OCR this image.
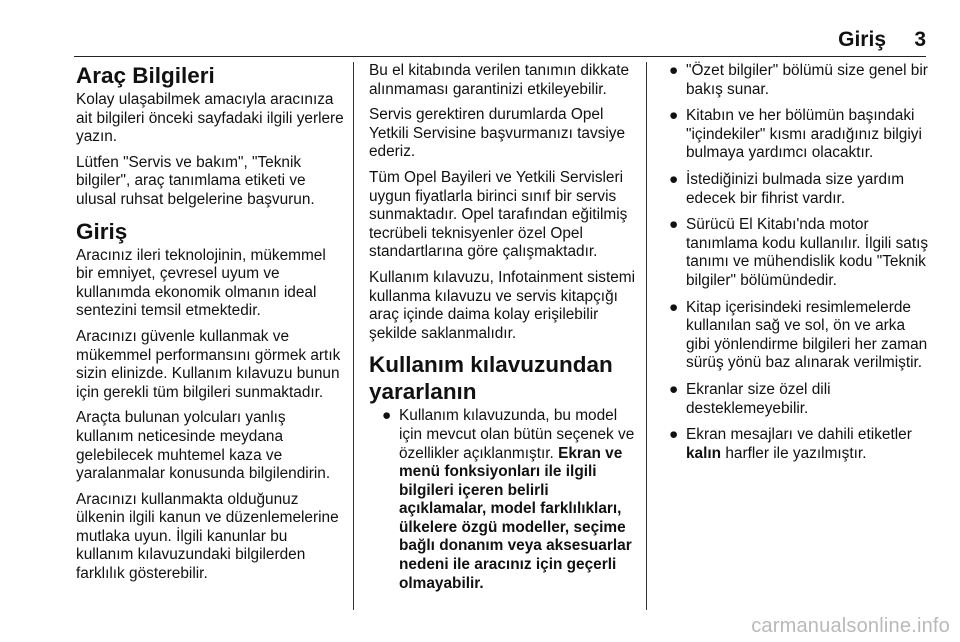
Giriş 3
Araç Bilgileri

Kolay ulaşabilmek amacıyla aracınıza ait bilgileri önceki sayfadaki ilgili yerlere yazın.

Lütfen "Servis ve bakım", "Teknik bilgiler", araç tanımlama etiketi ve ulusal ruhsat belgelerine başvurun.

Giriş

Aracınız ileri teknolojinin, mükemmel bir emniyet, çevresel uyum ve kullanımda ekonomik olmanın ideal sentezini temsil etmektedir.

Aracınızı güvenle kullanmak ve mükemmel performansını görmek artık sizin elinizde. Kullanım kılavuzu bunun için gerekli tüm bilgileri sunmaktadır.

Araçta bulunan yolcuları yanlış kullanım neticesinde meydana gelebilecek muhtemel kaza ve yaralanmalar konusunda bilgilendirin.

Aracınızı kullanmakta olduğunuz ülkenin ilgili kanun ve düzenlemelerine mutlaka uyun. İlgili kanunlar bu kullanım kılavuzundaki bilgilerden farklılık gösterebilir.

Bu el kitabında verilen tanımın dikkate alınmaması garantinizi etkileyebilir.

Servis gerektiren durumlarda Opel Yetkili Servisine başvurmanızı tavsiye ederiz.

Tüm Opel Bayileri ve Yetkili Servisleri uygun fiyatlarla birinci sınıf bir servis sunmaktadır. Opel tarafından eğitilmiş tecrübeli teknisyenler özel Opel standartlarına göre çalışmaktadır.

Kullanım kılavuzu, Infotainment sistemi kullanma kılavuzu ve servis kitapçığı araç içinde daima kolay erişilebilir şekilde saklanmalıdır.

Kullanım kılavuzundan yararlanın
● Kullanım kılavuzunda, bu model için mevcut olan bütün seçenek ve özellikler açıklanmıştır. Ekran ve menü fonksiyonları ile ilgili bilgileri içeren belirli açıklamalar, model farklılıkları, ülkelere özgü modeller, seçime bağlı donanım veya aksesuarlar nedeni ile aracınız için geçerli olmayabilir.
● "Özet bilgiler" bölümü size genel bir bakış sunar.
● Kitabın ve her bölümün başındaki "içindekiler" kısmı aradığınız bilgiyi bulmaya yardımcı olacaktır.
● İstediğinizi bulmada size yardım edecek bir fihrist vardır.
● Sürücü El Kitabı'nda motor tanımlama kodu kullanılır. İlgili satış tanımı ve mühendislik kodu "Teknik bilgiler" bölümündedir.
● Kitap içerisindeki resimlemelerde kullanılan sağ ve sol, ön ve arka gibi yönlendirme bilgileri her zaman sürüş yönü baz alınarak verilmiştir.
● Ekranlar size özel dili desteklemeyebilir.
● Ekran mesajları ve dahili etiketler kalın harfler ile yazılmıştır.
carmanualsonline.info
